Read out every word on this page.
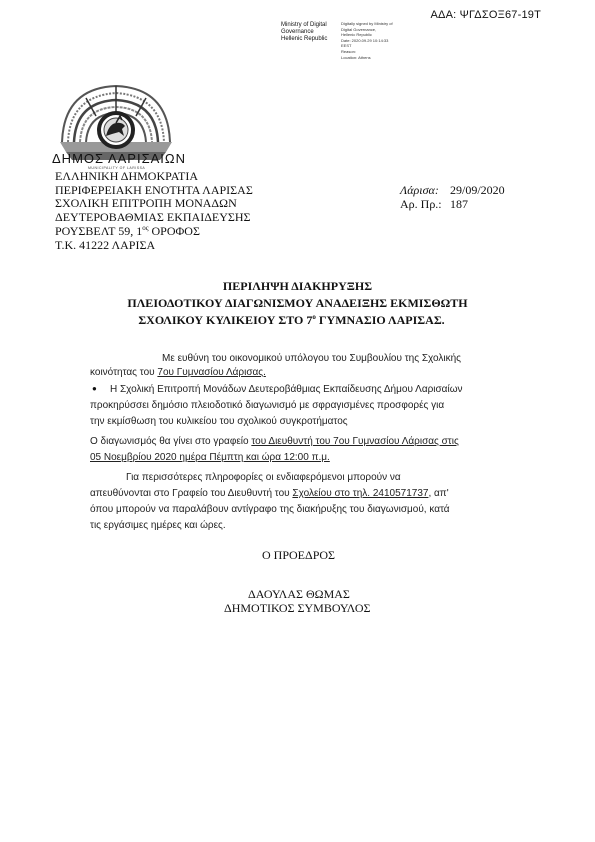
ΑΔΑ: ΨΓΔΣΟΞ67-19Τ
Ministry of Digital
Governance
Hellenic Republic
Digitally signed by Ministry of
Digital Governance,
Hellenic Republic
Date: 2020.09.29 10:14:33
EEST
Reason:
Location: Athens
ΔΗΜΟΣ ΛΑΡΙΣΑΙΩΝ
MUNICIPALITY OF LARISSA
ΕΛΛΗΝΙΚΗ ΔΗΜΟΚΡΑΤΙΑ
ΠΕΡΙΦΕΡΕΙΑΚΗ ΕΝΟΤΗΤΑ ΛΑΡΙΣΑΣ
ΣΧΟΛΙΚΗ ΕΠΙΤΡΟΠΗ ΜΟΝΑΔΩΝ
ΔΕΥΤΕΡΟΒΑΘΜΙΑΣ ΕΚΠΑΙΔΕΥΣΗΣ
ΡΟΥΣΒΕΛΤ 59, $1^{o\varsigma}$ ΟΡΟΦΟΣ
Τ.Κ. 41222 ΛΑΡΙΣΑ
Λάρισα: 29/09/2020
Αρ. Πρ.: 187
ΠΕΡΙΛΗΨΗ ΔΙΑΚΗΡΥΞΗΣ
ΠΛΕΙΟΔΟΤΙΚΟΥ ΔΙΑΓΩΝΙΣΜΟΥ ΑΝΑΔΕΙΞΗΣ ΕΚΜΙΣΘΩΤΗ
ΣΧΟΛΙΚΟΥ ΚΥΛΙΚΕΙΟΥ ΣΤΟ $7^o$ ΓΥΜΝΑΣΙΟ ΛΑΡΙΣΑΣ.
Με ευθύνη του οικονομικού υπόλογου του Συμβουλίου της Σχολικής
κοινότητας του 7ου Γυμνασίου Λάρισας.
● Η Σχολική Επιτροπή Μονάδων Δευτεροβάθμιας Εκπαίδευσης Δήμου Λαρισαίων
προκηρύσσει δημόσιο πλειοδοτικό διαγωνισμό με σφραγισμένες προσφορές για
την εκμίσθωση του κυλικείου του σχολικού συγκροτήματος
Ο διαγωνισμός θα γίνει στο γραφείο του Διευθυντή του 7ου Γυμνασίου Λάρισας στις
05 Νοεμβρίου 2020 ημέρα Πέμπτη και ώρα 12:00 π.μ.
Για περισσότερες πληροφορίες οι ενδιαφερόμενοι μπορούν να
απευθύνονται στο Γραφείο του Διευθυντή του Σχολείου στο τηλ. 2410571737, απ'
όπου μπορούν να παραλάβουν αντίγραφο της διακήρυξης του διαγωνισμού, κατά
τις εργάσιμες ημέρες και ώρες.
Ο ΠΡΟΕΔΡΟΣ
ΔΑΟΥΛΑΣ ΘΩΜΑΣ
ΔΗΜΟΤΙΚΟΣ ΣΥΜΒΟΥΛΟΣ
